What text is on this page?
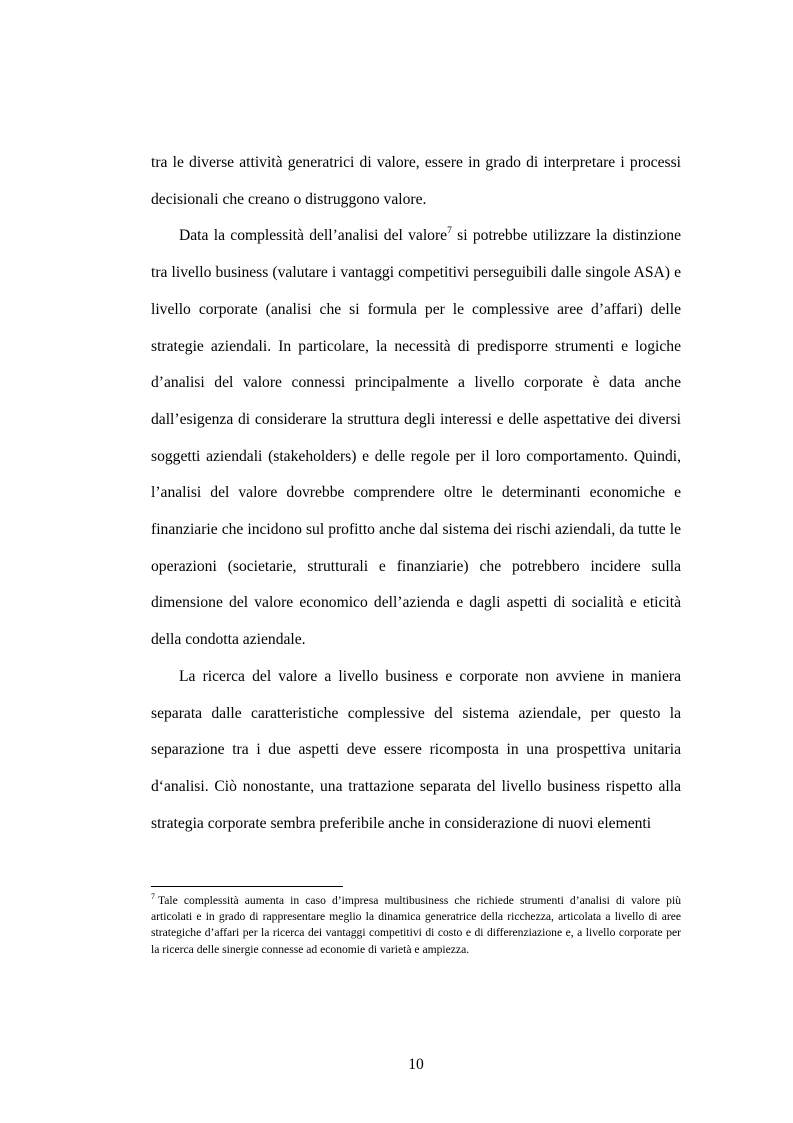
tra le diverse attività generatrici di valore, essere in grado di interpretare i processi decisionali che creano o distruggono valore.

Data la complessità dell’analisi del valore$^7$ si potrebbe utilizzare la distinzione tra livello business (valutare i vantaggi competitivi perseguibili dalle singole ASA) e livello corporate (analisi che si formula per le complessive aree d’affari) delle strategie aziendali. In particolare, la necessità di predisporre strumenti e logiche d’analisi del valore connessi principalmente a livello corporate è data anche dall’esigenza di considerare la struttura degli interessi e delle aspettative dei diversi soggetti aziendali (stakeholders) e delle regole per il loro comportamento. Quindi, l’analisi del valore dovrebbe comprendere oltre le determinanti economiche e finanziarie che incidono sul profitto anche dal sistema dei rischi aziendali, da tutte le operazioni (societarie, strutturali e finanziarie) che potrebbero incidere sulla dimensione del valore economico dell’azienda e dagli aspetti di socialità e eticità della condotta aziendale.

La ricerca del valore a livello business e corporate non avviene in maniera separata dalle caratteristiche complessive del sistema aziendale, per questo la separazione tra i due aspetti deve essere ricomposta in una prospettiva unitaria d‘analisi. Ciò nonostante, una trattazione separata del livello business rispetto alla strategia corporate sembra preferibile anche in considerazione di nuovi elementi

$^7$ Tale complessità aumenta in caso d’impresa multibusiness che richiede strumenti d’analisi di valore più articolati e in grado di rappresentare meglio la dinamica generatrice della ricchezza, articolata a livello di aree strategiche d’affari per la ricerca dei vantaggi competitivi di costo e di differenziazione e, a livello corporate per la ricerca delle sinergie connesse ad economie di varietà e ampiezza.
10
